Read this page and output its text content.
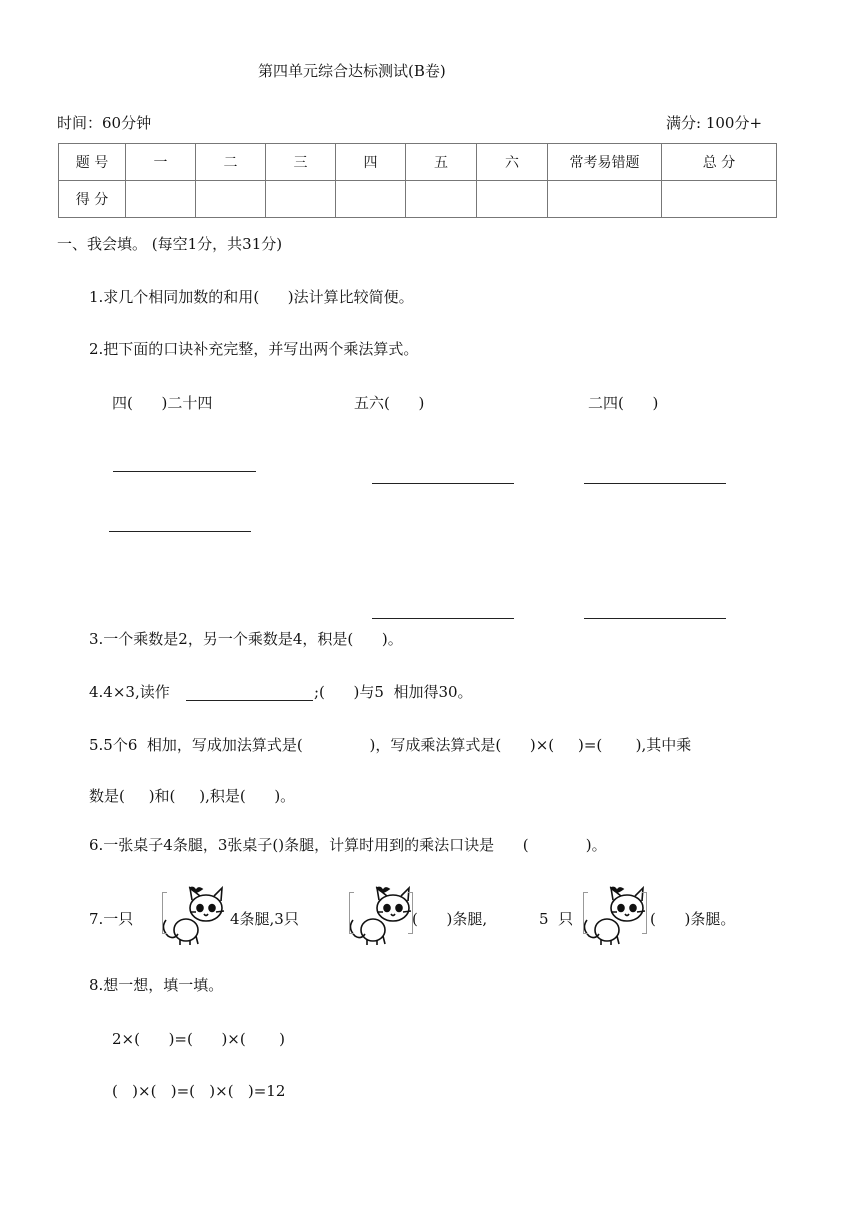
第四单元综合达标测试(B卷)
时间：60分钟	满分: 100分+
题 号	一	二	三	四	五	六	常考易错题	总 分
得 分								
一、我会填。 (每空1分，共31分)
1.求几个相同加数的和用(      )法计算比较简便。
2.把下面的口诀补充完整，并写出两个乘法算式。
四(      )二十四	五六(      )	二四(      )
3.一个乘数是2，另一个乘数是4，积是(      )。
4.4×3,读作	;(      )与5  相加得30。
5.5个6  相加，写成加法算式是(              )，写成乘法算式是(      )×(     )=(       ),其中乘
数是(     )和(     ),积是(      )。
6.一张桌子4条腿，3张桌子()条腿，计算时用到的乘法口诀是      (            )。
7.一只	4条腿,3只	(      )条腿,	5  只	(      )条腿。
8.想一想，填一填。
2×(      )=(      )×(       )
(   )×(   )=(   )×(   )=12
